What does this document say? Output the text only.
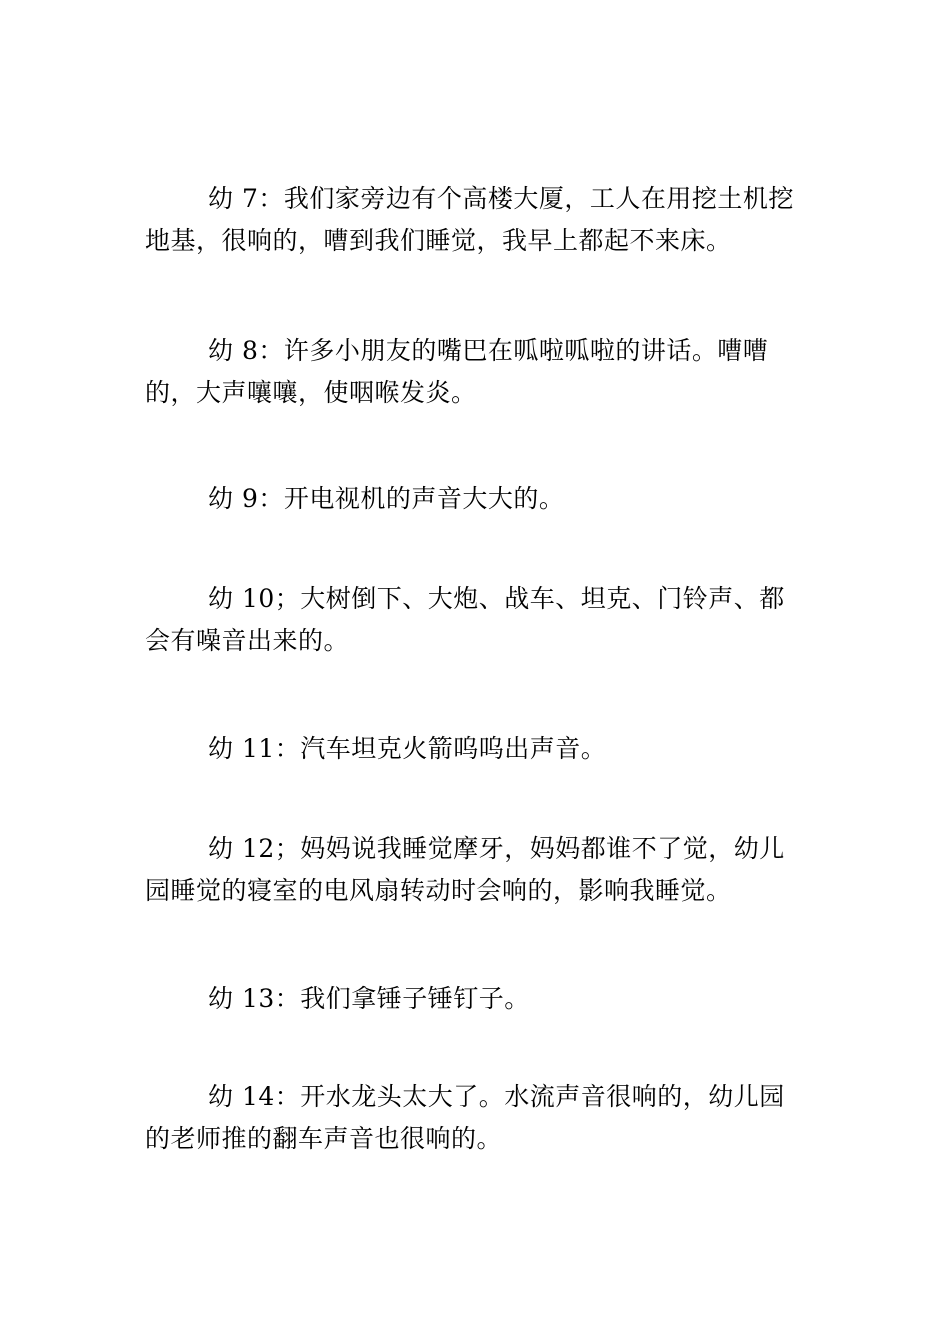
幼 7：我们家旁边有个高楼大厦，工人在用挖土机挖地基，很响的，嘈到我们睡觉，我早上都起不来床。

幼 8：许多小朋友的嘴巴在呱啦呱啦的讲话。嘈嘈的，大声嚷嚷，使咽喉发炎。

幼 9：开电视机的声音大大的。

幼 10；大树倒下、大炮、战车、坦克、门铃声、都会有噪音出来的。

幼 11：汽车坦克火箭呜呜出声音。

幼 12；妈妈说我睡觉摩牙，妈妈都谁不了觉，幼儿园睡觉的寝室的电风扇转动时会响的，影响我睡觉。

幼 13：我们拿锤子锤钉子。

幼 14：开水龙头太大了。水流声音很响的，幼儿园的老师推的翻车声音也很响的。
